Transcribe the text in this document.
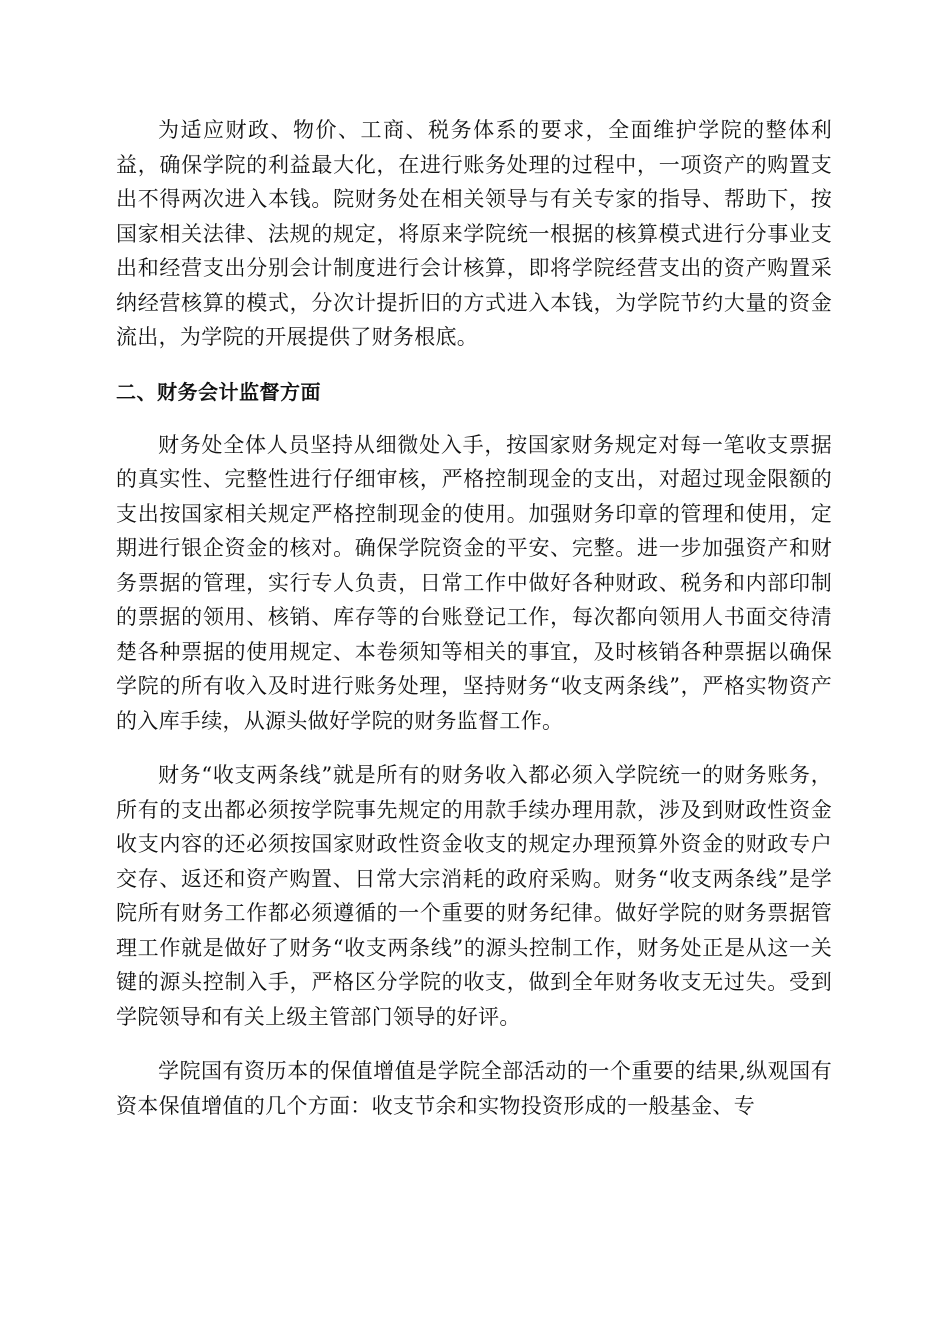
为适应财政、物价、工商、税务体系的要求，全面维护学院的整体利益，确保学院的利益最大化，在进行账务处理的过程中，一项资产的购置支出不得两次进入本钱。院财务处在相关领导与有关专家的指导、帮助下，按国家相关法律、法规的规定，将原来学院统一根据的核算模式进行分事业支出和经营支出分别会计制度进行会计核算，即将学院经营支出的资产购置采纳经营核算的模式，分次计提折旧的方式进入本钱，为学院节约大量的资金流出，为学院的开展提供了财务根底。

二、财务会计监督方面

财务处全体人员坚持从细微处入手，按国家财务规定对每一笔收支票据的真实性、完整性进行仔细审核，严格控制现金的支出，对超过现金限额的支出按国家相关规定严格控制现金的使用。加强财务印章的管理和使用，定期进行银企资金的核对。确保学院资金的平安、完整。进一步加强资产和财务票据的管理，实行专人负责，日常工作中做好各种财政、税务和内部印制的票据的领用、核销、库存等的台账登记工作，每次都向领用人书面交待清楚各种票据的使用规定、本卷须知等相关的事宜，及时核销各种票据以确保学院的所有收入及时进行账务处理，坚持财务“收支两条线”，严格实物资产的入库手续，从源头做好学院的财务监督工作。

财务“收支两条线”就是所有的财务收入都必须入学院统一的财务账务，所有的支出都必须按学院事先规定的用款手续办理用款，涉及到财政性资金收支内容的还必须按国家财政性资金收支的规定办理预算外资金的财政专户交存、返还和资产购置、日常大宗消耗的政府采购。财务“收支两条线”是学院所有财务工作都必须遵循的一个重要的财务纪律。做好学院的财务票据管理工作就是做好了财务“收支两条线”的源头控制工作，财务处正是从这一关键的源头控制入手，严格区分学院的收支，做到全年财务收支无过失。受到学院领导和有关上级主管部门领导的好评。

学院国有资历本的保值增值是学院全部活动的一个重要的结果,纵观国有资本保值增值的几个方面：收支节余和实物投资形成的一般基金、专
